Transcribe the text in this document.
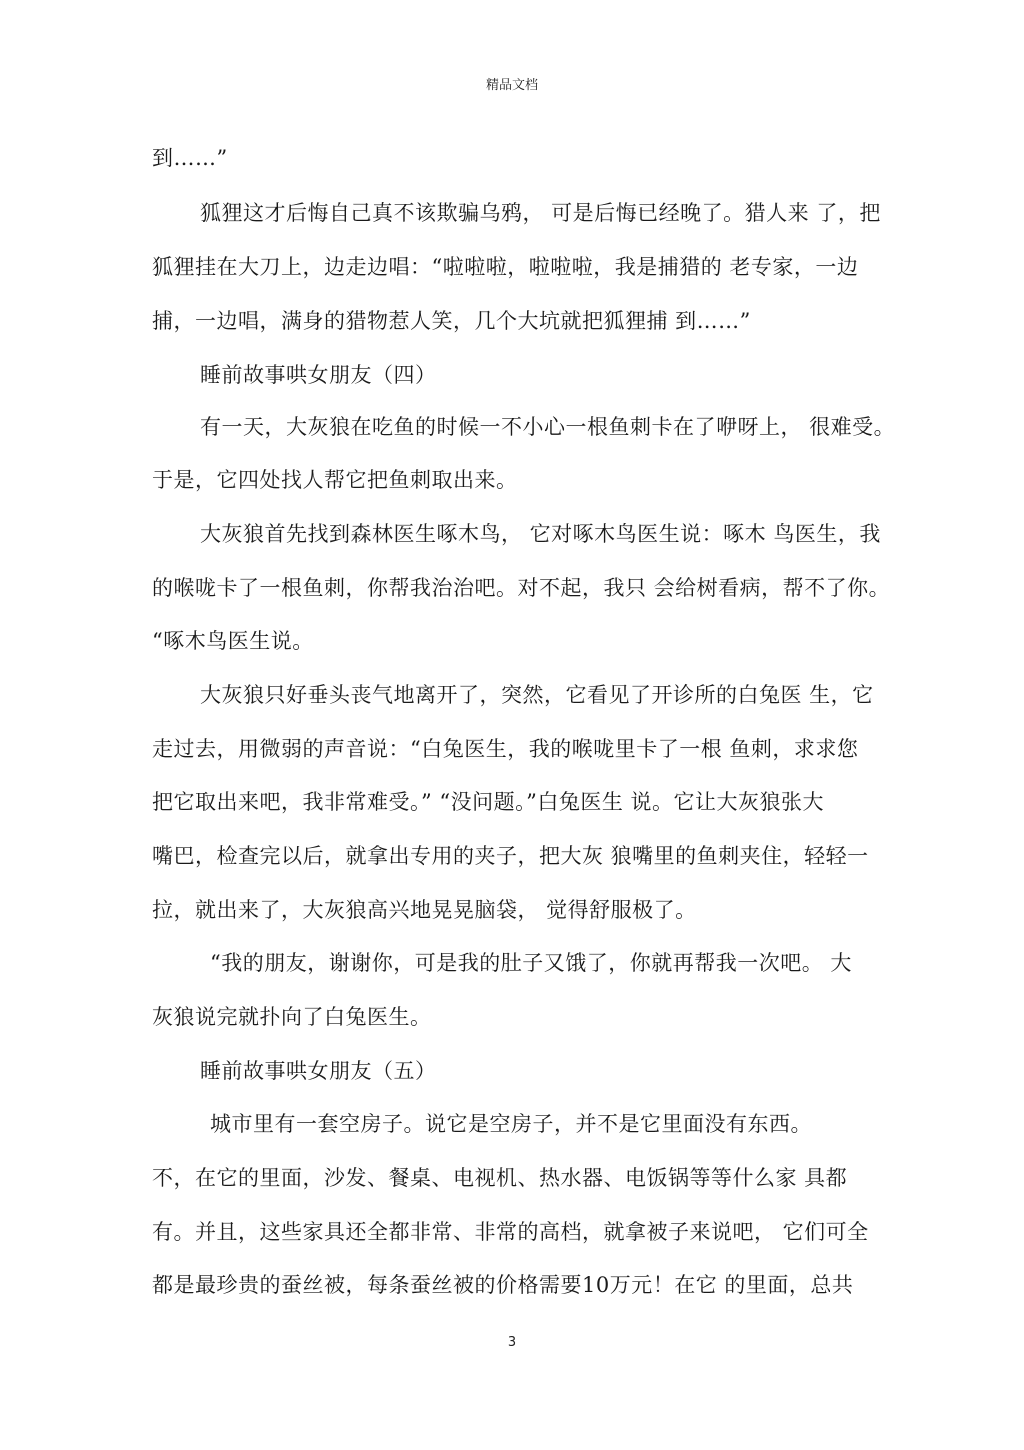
精品文档
到……”
狐狸这才后悔自己真不该欺骗乌鸦， 可是后悔已经晚了。猎人来 了，把
狐狸挂在大刀上，边走边唱：“啦啦啦，啦啦啦，我是捕猎的 老专家，一边
捕，一边唱，满身的猎物惹人笑，几个大坑就把狐狸捕 到……”
睡前故事哄女朋友（四）
有一天，大灰狼在吃鱼的时候一不小心一根鱼刺卡在了咿呀上， 很难受。
于是，它四处找人帮它把鱼刺取出来。
大灰狼首先找到森林医生啄木鸟， 它对啄木鸟医生说：啄木 鸟医生，我
的喉咙卡了一根鱼刺，你帮我治治吧。对不起，我只 会给树看病，帮不了你。
“啄木鸟医生说。
大灰狼只好垂头丧气地离开了，突然，它看见了开诊所的白兔医 生，它
走过去，用微弱的声音说：“白兔医生，我的喉咙里卡了一根 鱼刺，求求您
把它取出来吧，我非常难受。” “没问题。”白兔医生 说。它让大灰狼张大
嘴巴，检查完以后，就拿出专用的夹子，把大灰 狼嘴里的鱼刺夹住，轻轻一
拉，就出来了，大灰狼高兴地晃晃脑袋， 觉得舒服极了。
“我的朋友，谢谢你，可是我的肚子又饿了，你就再帮我一次吧。 大
灰狼说完就扑向了白兔医生。
睡前故事哄女朋友（五）
城市里有一套空房子。说它是空房子，并不是它里面没有东西。
不，在它的里面，沙发、餐桌、电视机、热水器、电饭锅等等什么家 具都
有。并且，这些家具还全都非常、非常的高档，就拿被子来说吧， 它们可全
都是最珍贵的蚕丝被，每条蚕丝被的价格需要10万元！在它 的里面，总共
3
